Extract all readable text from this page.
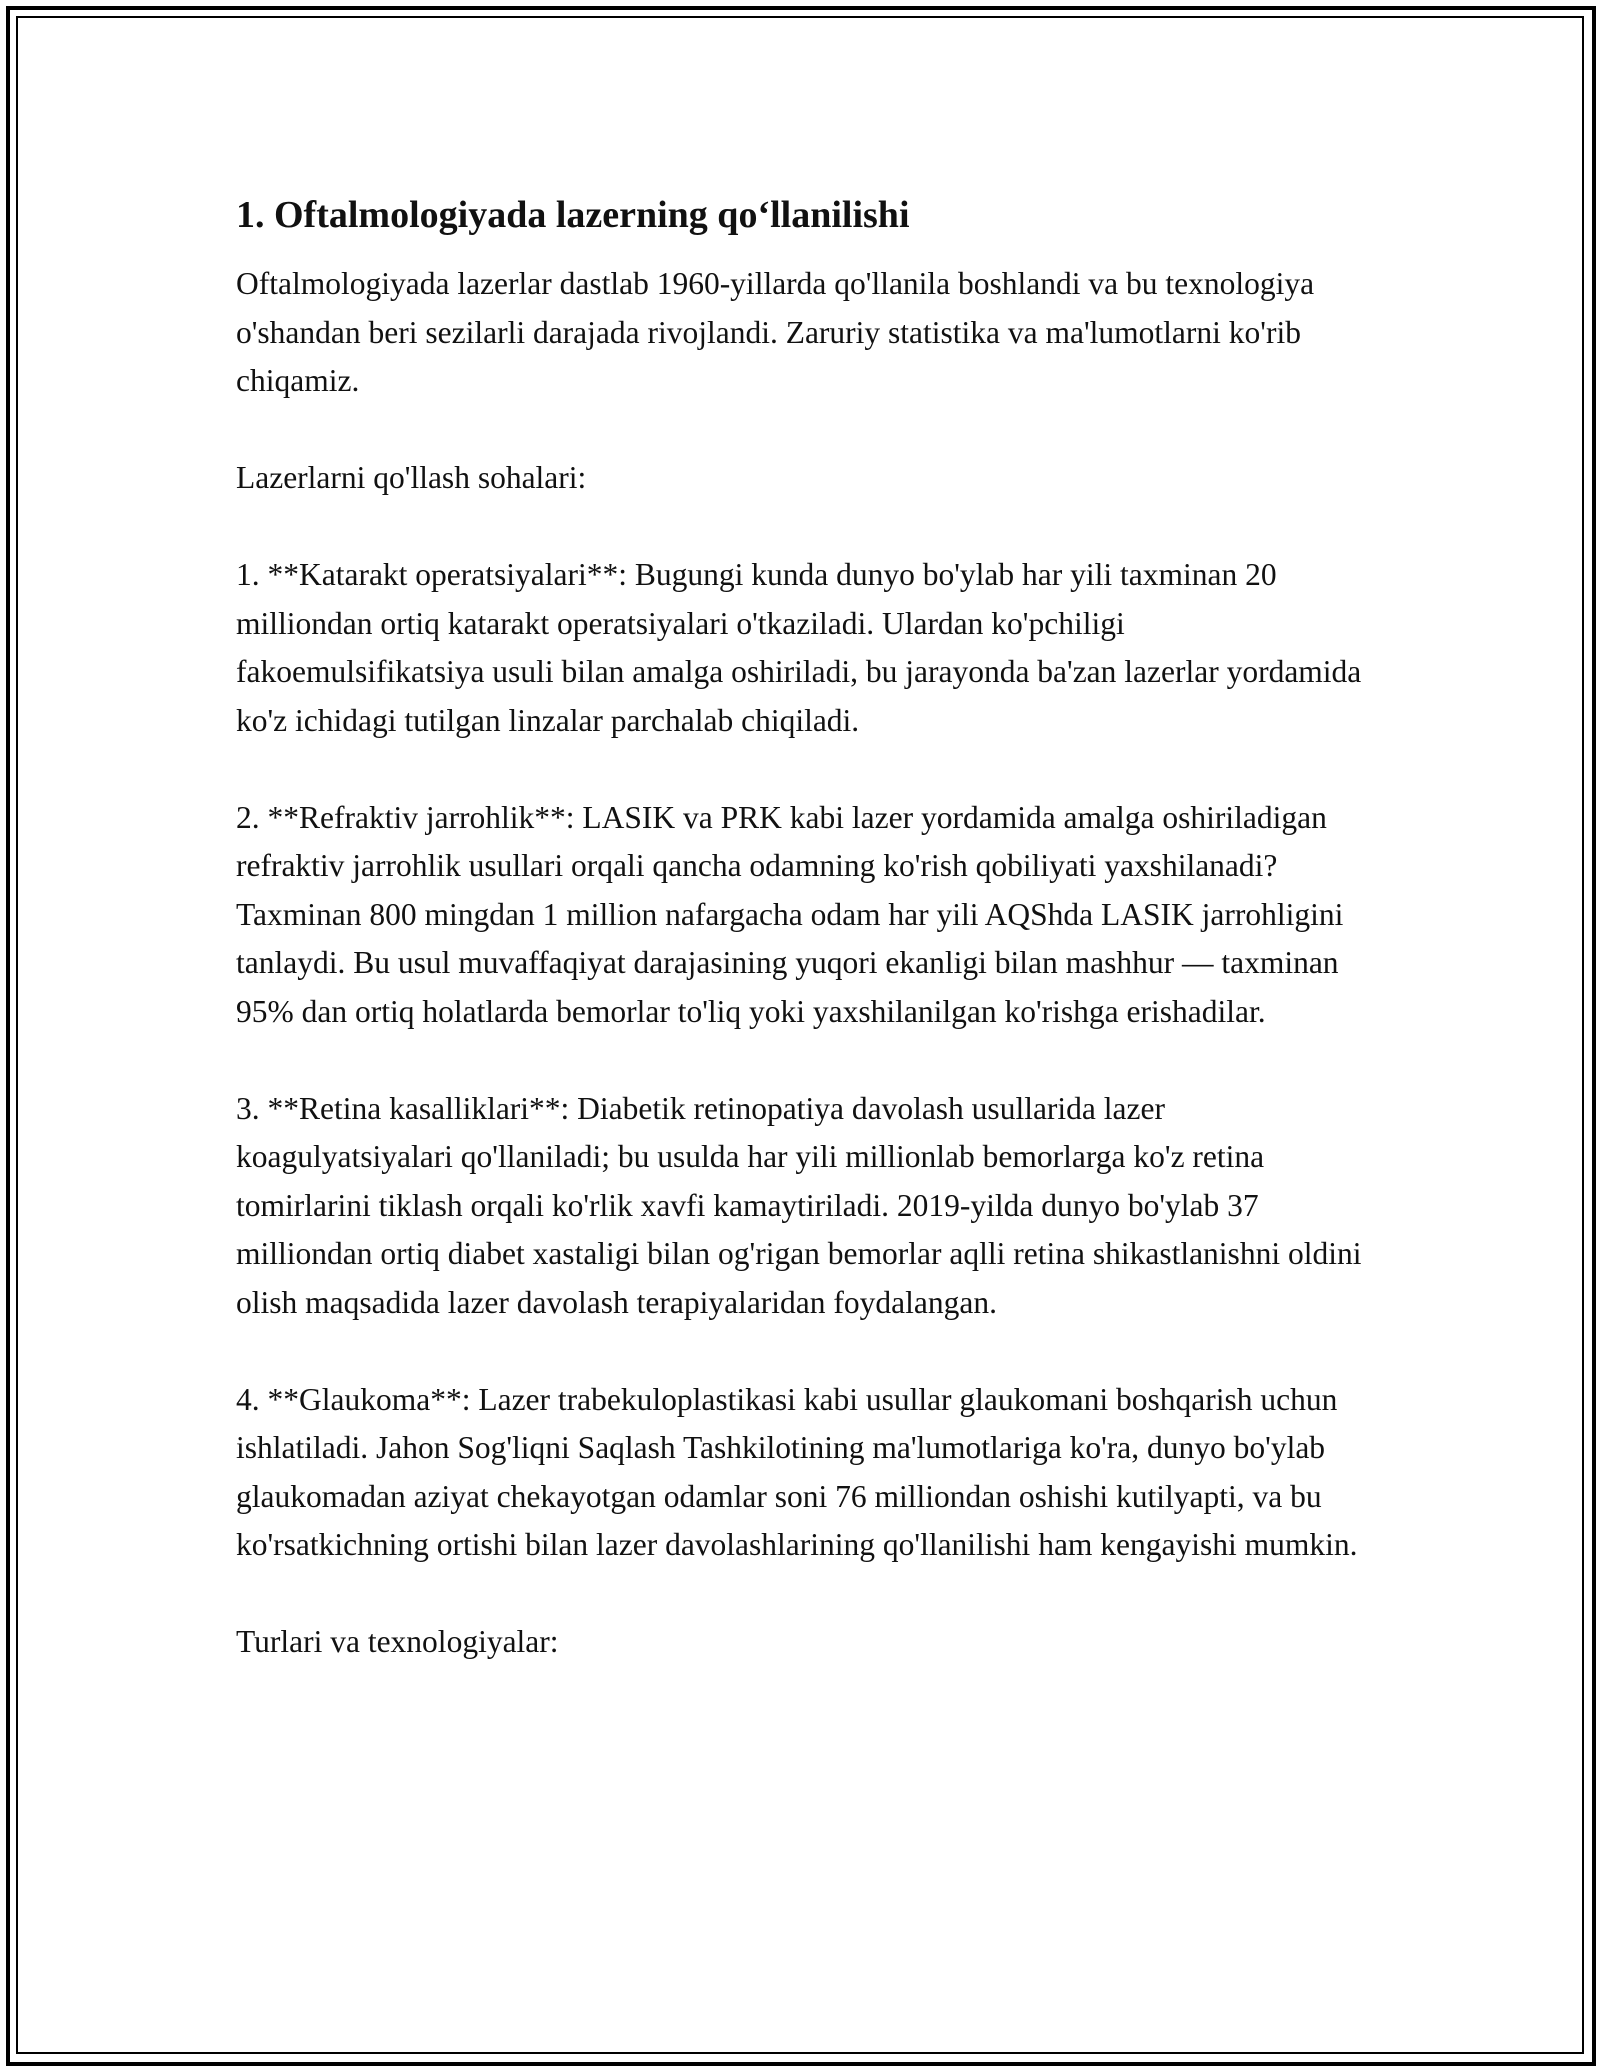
1. Oftalmologiyada lazerning qo‘llanilishi

Oftalmologiyada lazerlar dastlab 1960-yillarda qo'llanila boshlandi va bu texnologiya o'shandan beri sezilarli darajada rivojlandi. Zaruriy statistika va ma'lumotlarni ko'rib chiqamiz.

Lazerlarni qo'llash sohalari:

1. **Katarakt operatsiyalari**: Bugungi kunda dunyo bo'ylab har yili taxminan 20 milliondan ortiq katarakt operatsiyalari o'tkaziladi. Ulardan ko'pchiligi fakoemulsifikatsiya usuli bilan amalga oshiriladi, bu jarayonda ba'zan lazerlar yordamida ko'z ichidagi tutilgan linzalar parchalab chiqiladi.

2. **Refraktiv jarrohlik**: LASIK va PRK kabi lazer yordamida amalga oshiriladigan refraktiv jarrohlik usullari orqali qancha odamning ko'rish qobiliyati yaxshilanadi? Taxminan 800 mingdan 1 million nafargacha odam har yili AQShda LASIK jarrohligini tanlaydi. Bu usul muvaffaqiyat darajasining yuqori ekanligi bilan mashhur — taxminan 95% dan ortiq holatlarda bemorlar to'liq yoki yaxshilanilgan ko'rishga erishadilar.

3. **Retina kasalliklari**: Diabetik retinopatiya davolash usullarida lazer koagulyatsiyalari qo'llaniladi; bu usulda har yili millionlab bemorlarga ko'z retina tomirlarini tiklash orqali ko'rlik xavfi kamaytiriladi. 2019-yilda dunyo bo'ylab 37 milliondan ortiq diabet xastaligi bilan og'rigan bemorlar aqlli retina shikastlanishni oldini olish maqsadida lazer davolash terapiyalaridan foydalangan.

4. **Glaukoma**: Lazer trabekuloplastikasi kabi usullar glaukomani boshqarish uchun ishlatiladi. Jahon Sog'liqni Saqlash Tashkilotining ma'lumotlariga ko'ra, dunyo bo'ylab glaukomadan aziyat chekayotgan odamlar soni 76 milliondan oshishi kutilyapti, va bu ko'rsatkichning ortishi bilan lazer davolashlarining qo'llanilishi ham kengayishi mumkin.

Turlari va texnologiyalar:
